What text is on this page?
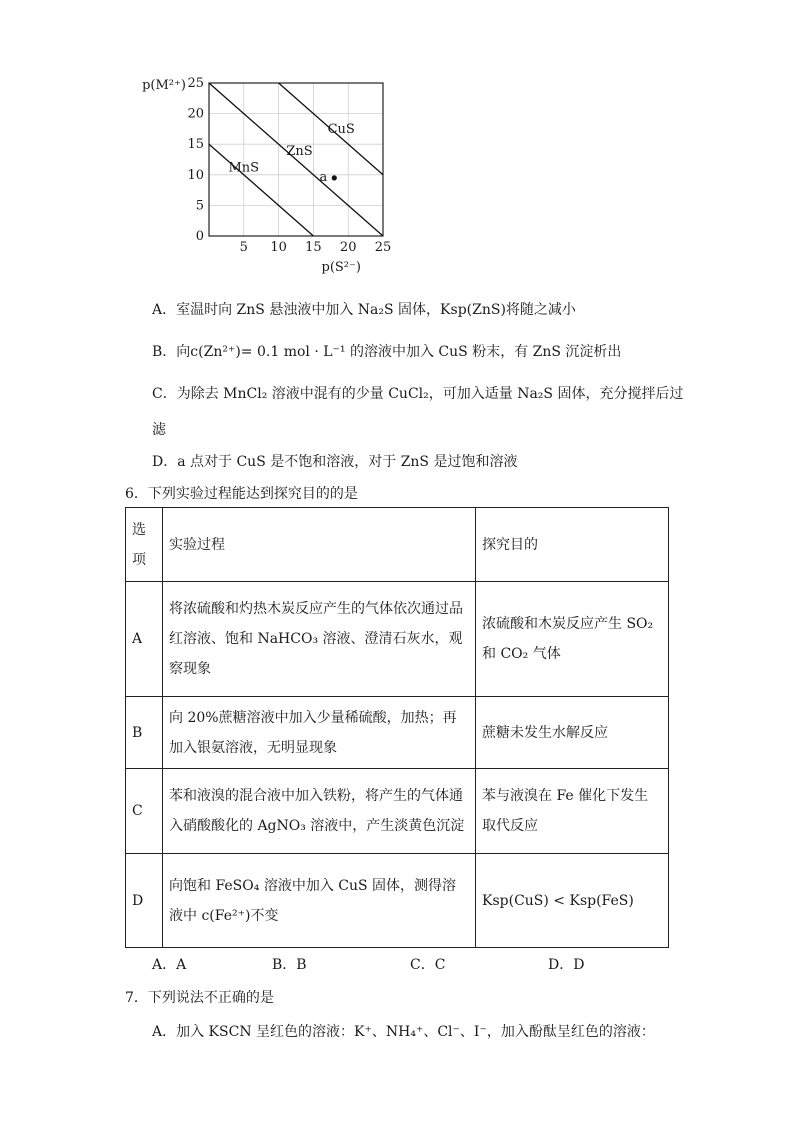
0
5
10
15
20
25
5 10 15 20 25
MnS
ZnS
CuS
a
p(M²⁺)
p(S²⁻)
A．室温时向 ZnS 悬浊液中加入 Na₂S 固体，Ksp(ZnS)将随之减小
B．向c(Zn²⁺)= 0.1 mol · L⁻¹ 的溶液中加入 CuS 粉末，有 ZnS 沉淀析出
C．为除去 MnCl₂ 溶液中混有的少量 CuCl₂，可加入适量 Na₂S 固体，充分搅拌后过
滤
D．a 点对于 CuS 是不饱和溶液，对于 ZnS 是过饱和溶液
6．下列实验过程能达到探究目的的是
选项	实验过程	探究目的
A	将浓硫酸和灼热木炭反应产生的气体依次通过品红溶液、饱和 NaHCO₃ 溶液、澄清石灰水，观察现象	浓硫酸和木炭反应产生 SO₂ 和 CO₂ 气体
B	向 20%蔗糖溶液中加入少量稀硫酸，加热；再加入银氨溶液，无明显现象	蔗糖未发生水解反应
C	苯和液溴的混合液中加入铁粉，将产生的气体通入硝酸酸化的 AgNO₃ 溶液中，产生淡黄色沉淀	苯与液溴在 Fe 催化下发生取代反应
D	向饱和 FeSO₄ 溶液中加入 CuS 固体，测得溶液中 c(Fe²⁺)不变	Ksp(CuS) < Ksp(FeS)
A．A	B．B	C．C	D．D
7．下列说法不正确的是
A．加入 KSCN 呈红色的溶液：K⁺、NH₄⁺、Cl⁻、I⁻，加入酚酞呈红色的溶液：
